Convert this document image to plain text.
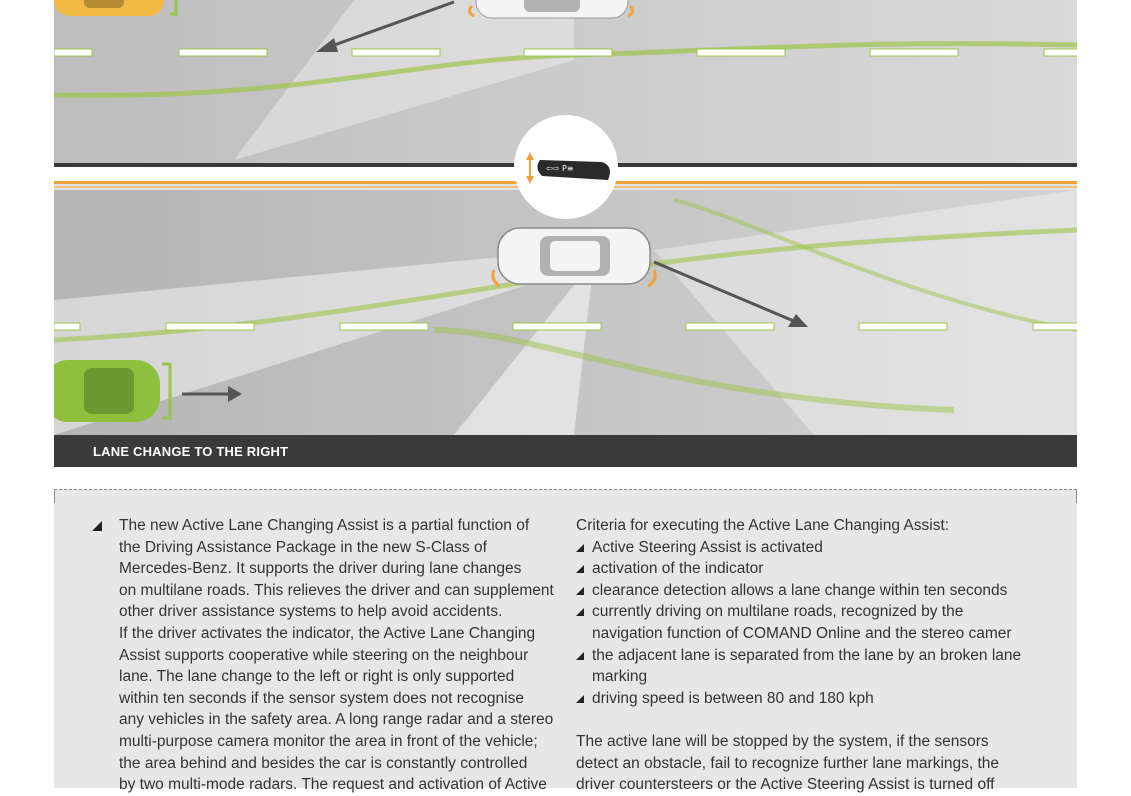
⇦⇨ P≡
LANE CHANGE TO THE RIGHT

The new Active Lane Changing Assist is a partial function of

the Driving Assistance Package in the new S-Class of

Mercedes-Benz. It supports the driver during lane changes

on multilane roads. This relieves the driver and can supplement

other driver assistance systems to help avoid accidents.

If the driver activates the indicator, the Active Lane Changing

Assist supports cooperative while steering on the neighbour

lane. The lane change to the left or right is only supported

within ten seconds if the sensor system does not recognise

any vehicles in the safety area. A long range radar and a stereo

multi-purpose camera monitor the area in front of the vehicle;

the area behind and besides the car is constantly controlled

by two multi-mode radars. The request and activation of Active

Criteria for executing the Active Lane Changing Assist:

Active Steering Assist is activated
activation of the indicator
clearance detection allows a lane change within ten seconds
currently driving on multilane roads, recognized by the navigation function of COMAND Online and the stereo camer
the adjacent lane is separated from the lane by an broken lane marking
driving speed is between 80 and 180 kph

The active lane will be stopped by the system, if the sensors

detect an obstacle, fail to recognize further lane markings, the

driver countersteers or the Active Steering Assist is turned off
